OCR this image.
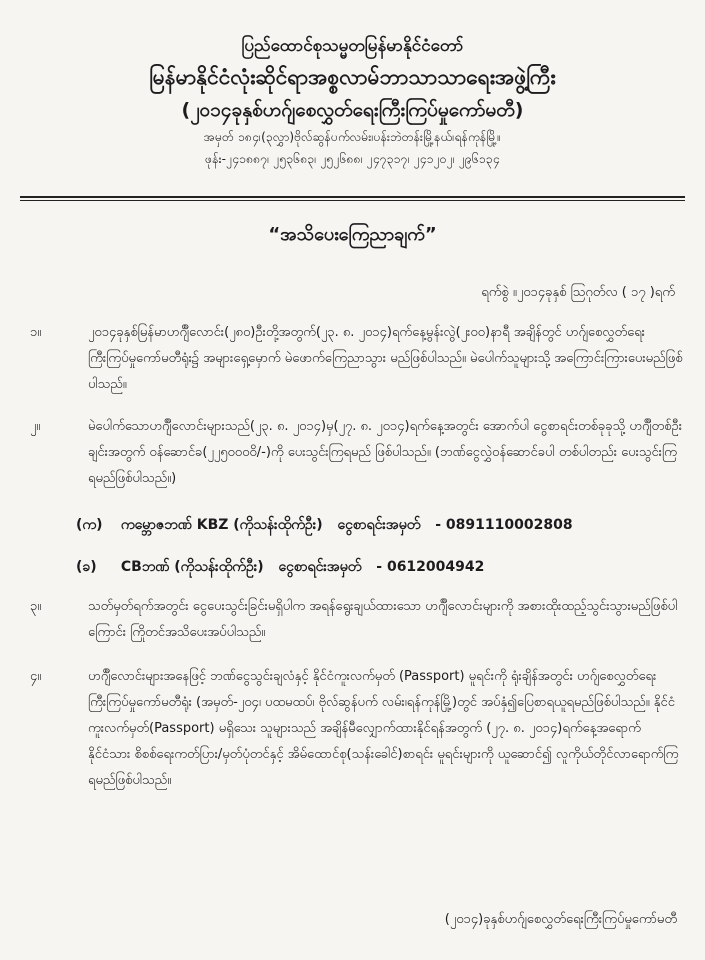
ပြည်ထောင်စုသမ္မတမြန်မာနိုင်ငံတော်
မြန်မာနိုင်ငံလုံးဆိုင်ရာအစ္စလာမ်ဘာသာသာရေးအဖွဲ့ကြီး
(၂၀၁၄ခုနှစ်ဟဂ်ျစေလွှတ်ရေးကြီးကြပ်မှုကော်မတီ)
အမှတ် ၁၈၄၊(၃လွှာ)ဗိုလ်ဆွန်ပက်လမ်း၊ပန်းဘဲတန်းမြို့နယ်၊ရန်ကုန်မြို့။
ဖုန်း-၂၄၁၈၈၇၊ ၂၅၃၆၈၃၊ ၂၅၂၆၈၈၊ ၂၄၇၃၁၇၊ ၂၄၁၂၀၂၊ ၂၉၆၁၃၄
“အသိပေးကြေညာချက်”
ရက်စွဲ ။၂၀၁၄ခုနှစ် ဩဂုတ်လ ( ၁၇ )ရက်
၁။	၂၀၁၄ခုနှစ်မြန်မာဟဂ်ျီလောင်း(၂၈၀)ဦးတို့အတွက်(၂၃. ၈. ၂၀၁၄)ရက်နေ့မွန်းလွဲ(၂း၀၀)နာရီ အချိန်တွင် ဟဂ်ျစေလွှတ်ရေးကြီးကြပ်မှုကော်မတီရုံး၌ အများရှေ့မှောက် မဲဖောက်ကြေညာသွား မည်ဖြစ်ပါသည်။ မဲပေါက်သူများသို့ အကြောင်းကြားပေးမည်ဖြစ်ပါသည်။
၂။	မဲပေါက်သောဟဂ်ျီလောင်းများသည်(၂၃. ၈. ၂၀၁၄)မှ(၂၇. ၈. ၂၀၁၄)ရက်နေ့အတွင်း အောက်ပါ ငွေစာရင်းတစ်ခုခုသို့ ဟဂ်ျီတစ်ဦးချင်းအတွက် ဝန်ဆောင်ခ(၂၂၅၀၀၀၀ိ/-)ကို ပေးသွင်းကြရမည် ဖြစ်ပါသည်။ (ဘဏ်ငွေလွှဲဝန်ဆောင်ခပါ တစ်ပါတည်း ပေးသွင်းကြရမည်ဖြစ်ပါသည်။)
(က) ကမ္ဘောဇဘဏ် KBZ (ကိုသန်းထိုက်ဦး) ငွေစာရင်းအမှတ် - 0891110002808
(ခ) CBဘဏ် (ကိုသန်းထိုက်ဦး) ငွေစာရင်းအမှတ် - 0612004942
၃။	သတ်မှတ်ရက်အတွင်း ငွေပေးသွင်းခြင်းမရှိပါက အရန်ရွေးချယ်ထားသော ဟဂ်ျီလောင်းများကို အစားထိုးထည့်သွင်းသွားမည်ဖြစ်ပါကြောင်း ကြိုတင်အသိပေးအပ်ပါသည်။
၄။	ဟဂ်ျီလောင်းများအနေဖြင့် ဘဏ်ငွေသွင်းချလံနှင့် နိုင်ငံကူးလက်မှတ် (Passport) မူရင်းကို ရုံးချိန်အတွင်း ဟဂ်ျစေလွှတ်ရေးကြီးကြပ်မှုကော်မတီရုံး (အမှတ်-၂၀၄၊ ပထမထပ်၊ ဗိုလ်ဆွန်ပက် လမ်း၊ရန်ကုန်မြို့)တွင် အပ်နှံ၍ပြေစာရယူရမည်ဖြစ်ပါသည်။ နိုင်ငံကူးလက်မှတ်(Passport) မရှိသေး သူများသည် အချိန်မီလျှောက်ထားနိုင်ရန်အတွက် (၂၇. ၈. ၂၀၁၄)ရက်နေ့အရောက် နိုင်ငံသား စိစစ်ရေးကတ်ပြား/မှတ်ပုံတင်နှင့် အိမ်ထောင်စု(သန်းခေါင်)စာရင်း မူရင်းများကို ယူဆောင်၍ လူကိုယ်တိုင်လာရောက်ကြရမည်ဖြစ်ပါသည်။
(၂၀၁၄)ခုနှစ်ဟဂ်ျစေလွှတ်ရေးကြီးကြပ်မှုကော်မတီ
